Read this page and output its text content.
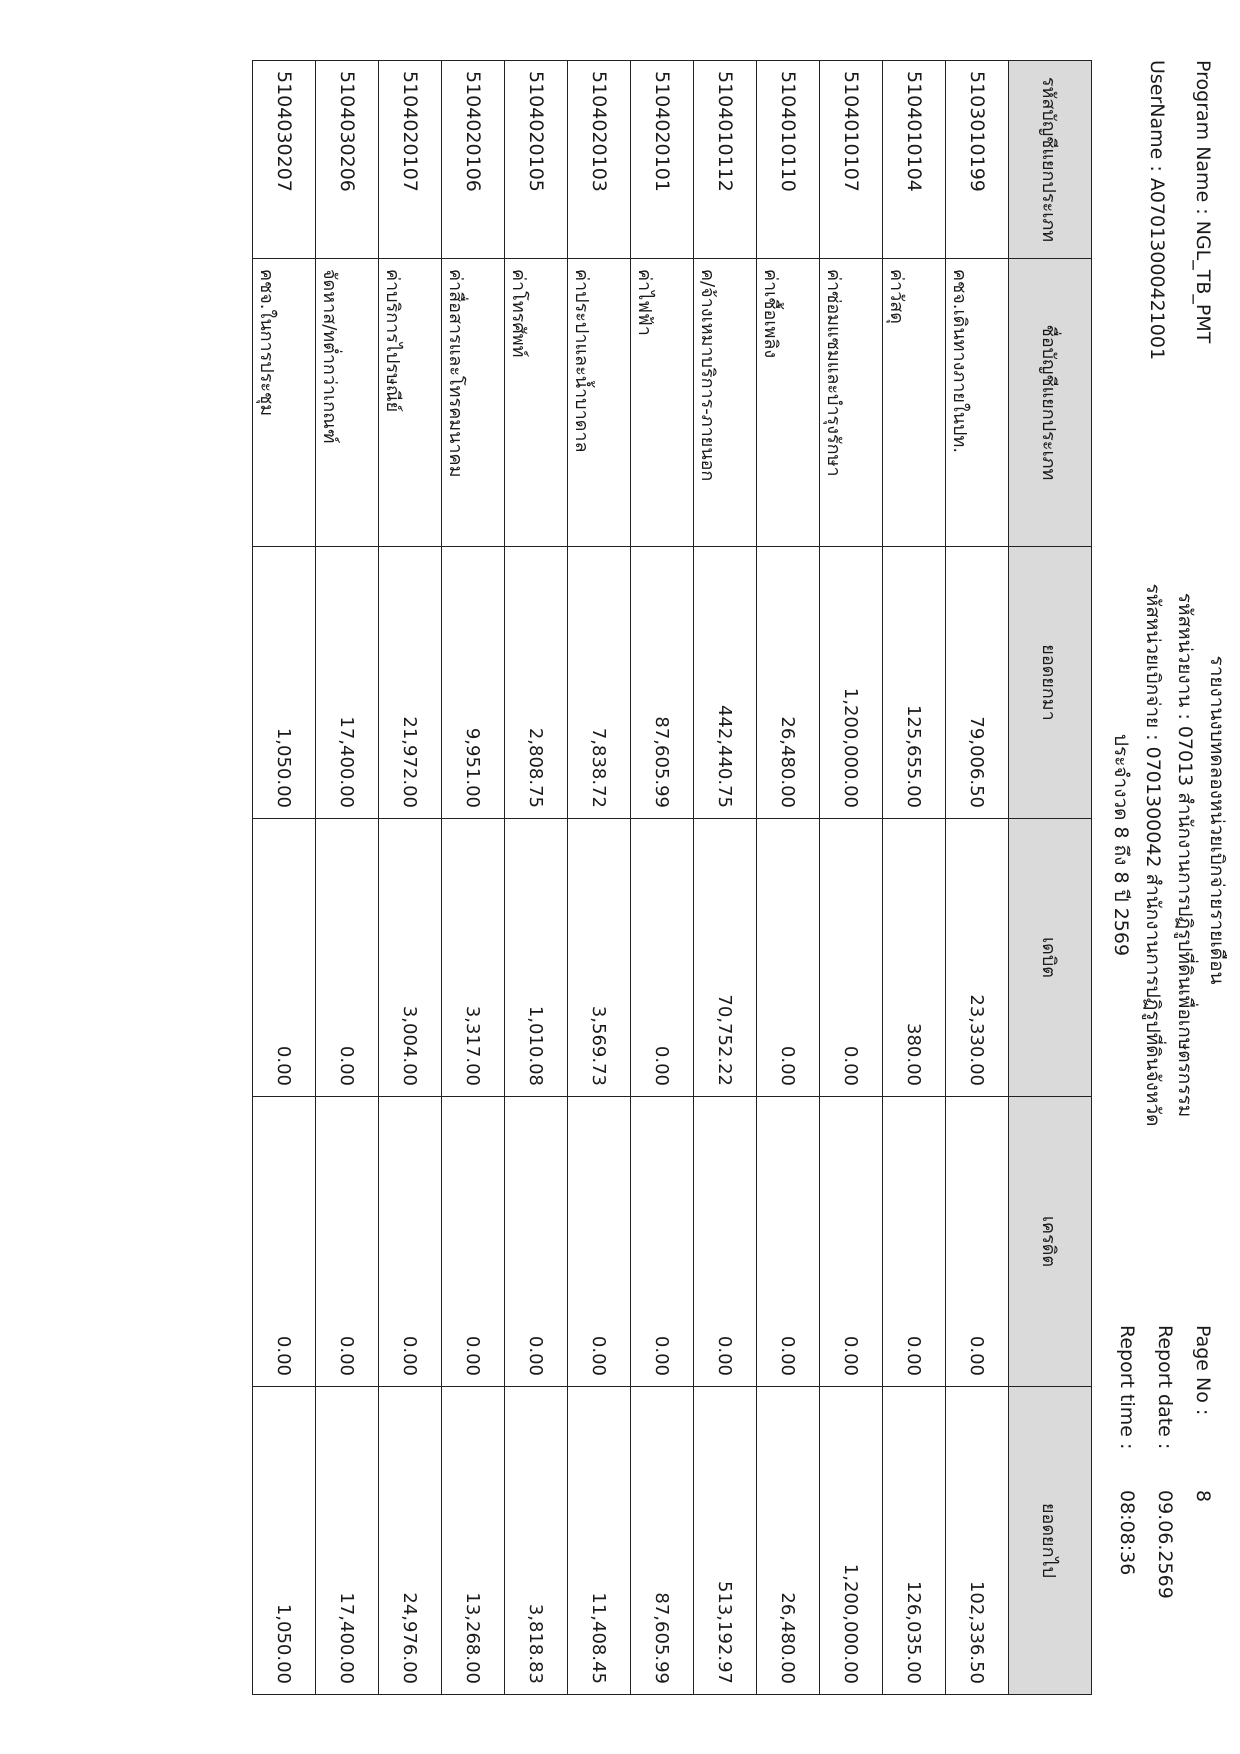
Program Name : NGL_TB_PMT
UserName : A07013000421001
รายงานงบทดลองหน่วยเบิกจ่ายรายเดือน
รหัสหน่วยงาน : 07013 สำนักงานการปฏิรูปที่ดินเพื่อเกษตรกรรม
รหัสหน่วยเบิกจ่าย : 0701300042 สำนักงานการปฏิรูปที่ดินจังหวัด
ประจำงวด 8 ถึง 8 ปี 2569
Page No :
8
Report date :
09.06.2569
Report time :
08:08:36
รหัสบัญชีแยกประเภท	ชื่อบัญชีแยกประเภท	ยอดยกมา	เดบิต	เครดิต	ยอดยกไป
5103010199	คชจ.เดินทางภายในปท.	79,006.50	23,330.00	0.00	102,336.50
5104010104	ค่าวัสดุ	125,655.00	380.00	0.00	126,035.00
5104010107	ค่าซ่อมแซมและบำรุงรักษา	1,200,000.00	0.00	0.00	1,200,000.00
5104010110	ค่าเชื้อเพลิง	26,480.00	0.00	0.00	26,480.00
5104010112	ค/จ้างเหมาบริการ-ภายนอก	442,440.75	70,752.22	0.00	513,192.97
5104020101	ค่าไฟฟ้า	87,605.99	0.00	0.00	87,605.99
5104020103	ค่าประปาและน้ำบาดาล	7,838.72	3,569.73	0.00	11,408.45
5104020105	ค่าโทรศัพท์	2,808.75	1,010.08	0.00	3,818.83
5104020106	ค่าสื่อสารและโทรคมนาคม	9,951.00	3,317.00	0.00	13,268.00
5104020107	ค่าบริการไปรษณีย์	21,972.00	3,004.00	0.00	24,976.00
5104030206	จัดหาส/ทต่ำกว่าเกณฑ์	17,400.00	0.00	0.00	17,400.00
5104030207	คชจ.ในการประชุม	1,050.00	0.00	0.00	1,050.00
